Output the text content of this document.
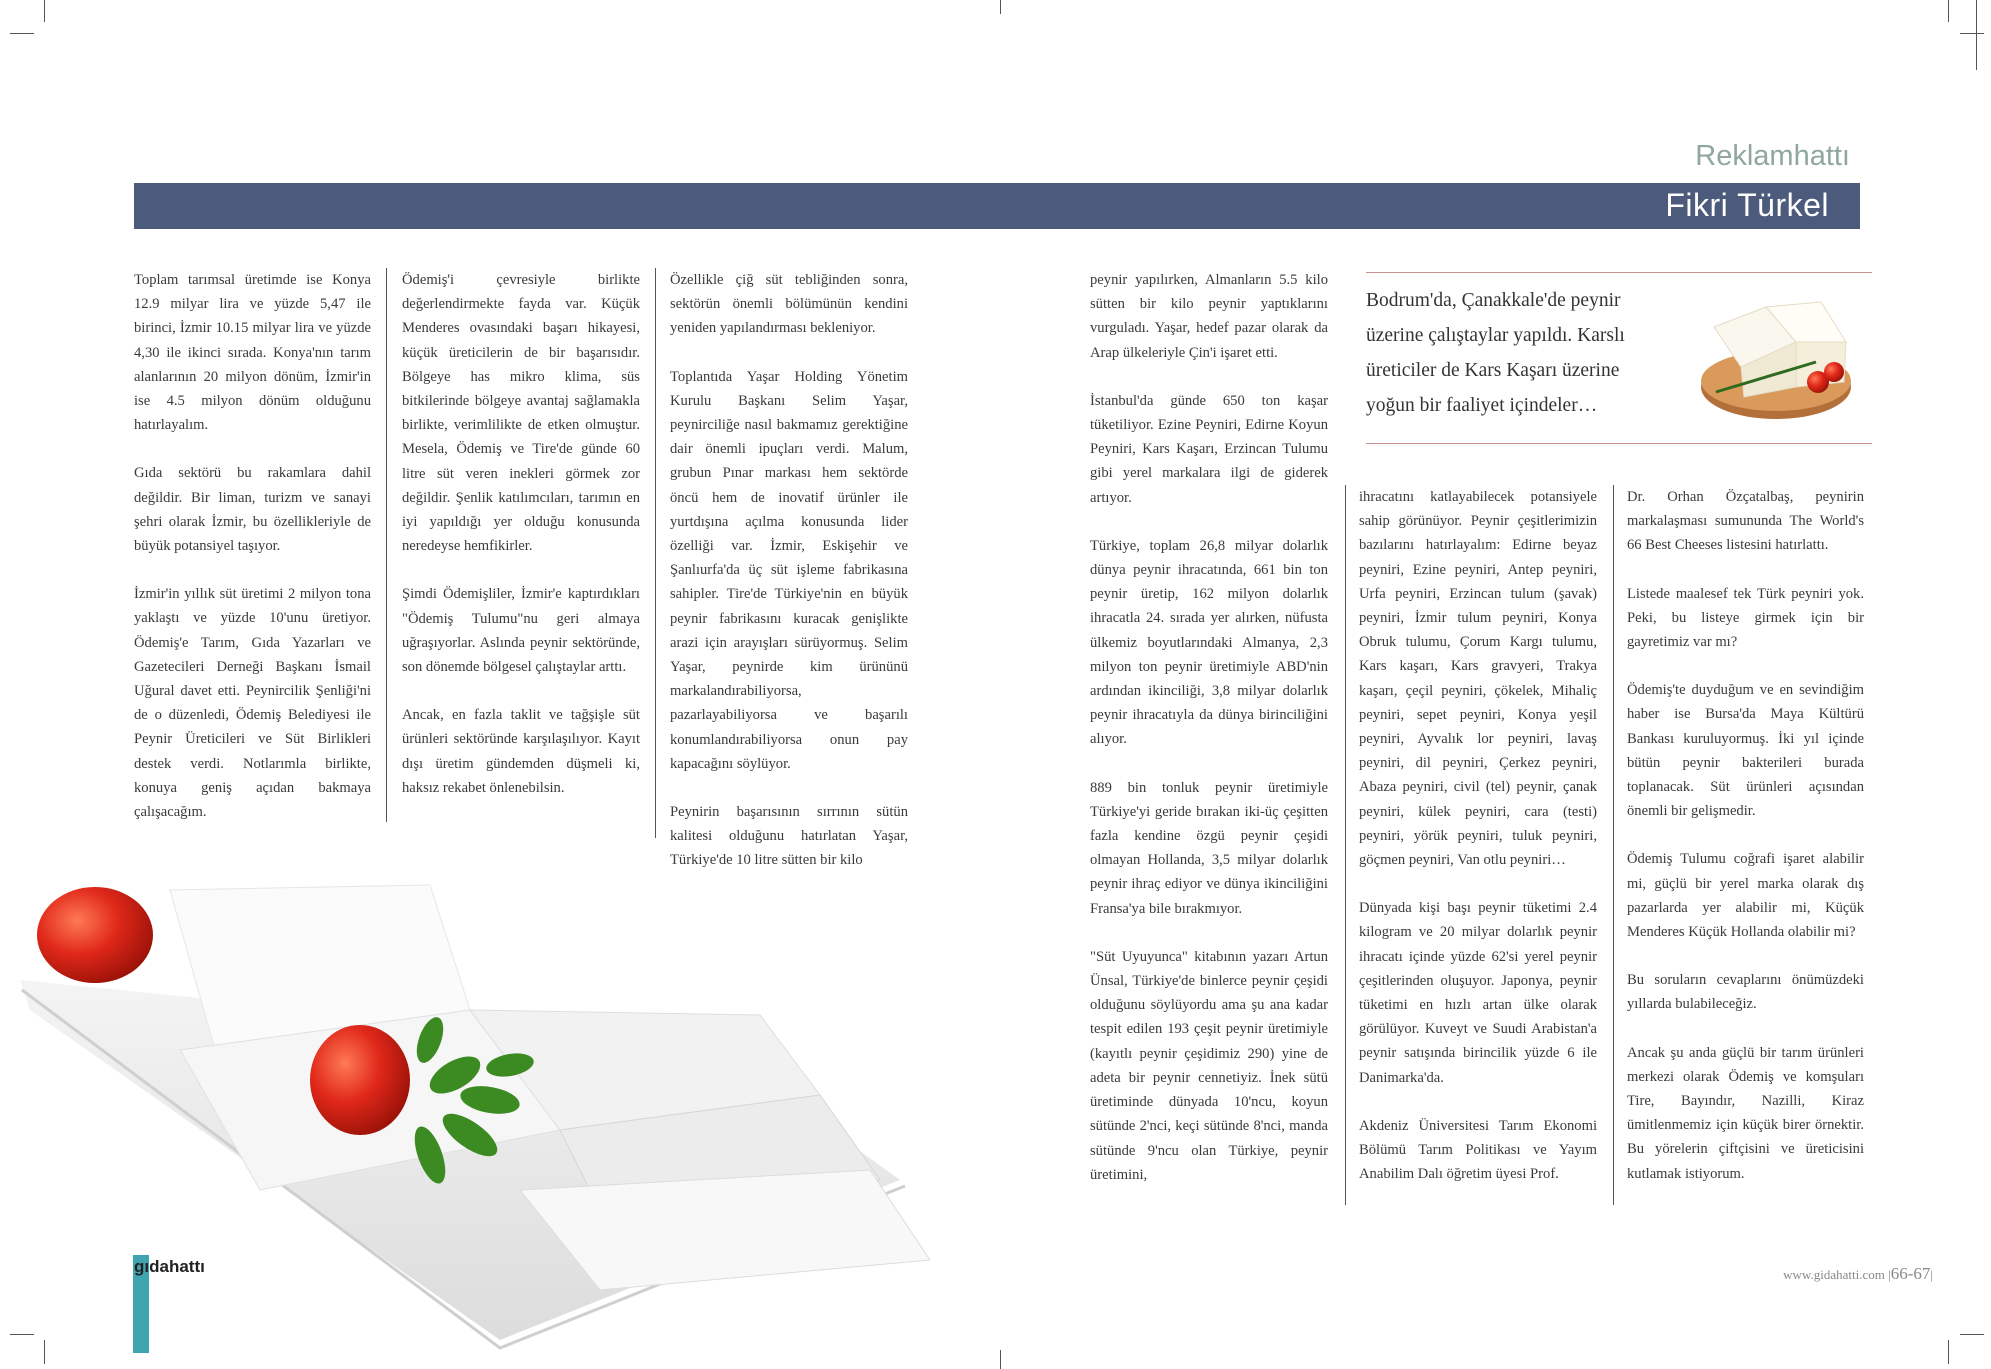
Reklamhattı
Fikri Türkel

Toplam tarımsal üretimde ise Konya 12.9 milyar lira ve yüzde 5,47 ile birinci, İzmir 10.15 milyar lira ve yüzde 4,30 ile ikinci sırada. Konya'nın tarım alanlarının 20 milyon dönüm, İzmir'in ise 4.5 milyon dönüm olduğunu hatırlayalım.

Gıda sektörü bu rakamlara dahil değildir. Bir liman, turizm ve sanayi şehri olarak İzmir, bu özellikleriyle de büyük potansiyel taşıyor.

İzmir'in yıllık süt üretimi 2 milyon tona yaklaştı ve yüzde 10'unu üretiyor. Ödemiş'e Tarım, Gıda Yazarları ve Gazetecileri Derneği Başkanı İsmail Uğural davet etti. Peynircilik Şenliği'ni de o düzenledi, Ödemiş Belediyesi ile Peynir Üreticileri ve Süt Birlikleri destek verdi. Notlarımla birlikte, konuya geniş açıdan bakmaya çalışacağım.

Ödemiş'i çevresiyle birlikte değerlendirmekte fayda var. Küçük Menderes ovasındaki başarı hikayesi, küçük üreticilerin de bir başarısıdır. Bölgeye has mikro klima, süs bitkilerinde bölgeye avantaj sağlamakla birlikte, verimlilikte de etken olmuştur. Mesela, Ödemiş ve Tire'de günde 60 litre süt veren inekleri görmek zor değildir. Şenlik katılımcıları, tarımın en iyi yapıldığı yer olduğu konusunda neredeyse hemfikirler.

Şimdi Ödemişliler, İzmir'e kaptırdıkları "Ödemiş Tulumu"nu geri almaya uğraşıyorlar. Aslında peynir sektöründe, son dönemde bölgesel çalıştaylar arttı.

Ancak, en fazla taklit ve tağşişle süt ürünleri sektöründe karşılaşılıyor. Kayıt dışı üretim gündemden düşmeli ki, haksız rekabet önlenebilsin.

Özellikle çiğ süt tebliğinden sonra, sektörün önemli bölümünün kendini yeniden yapılandırması bekleniyor.

Toplantıda Yaşar Holding Yönetim Kurulu Başkanı Selim Yaşar, peynirciliğe nasıl bakmamız gerektiğine dair önemli ipuçları verdi. Malum, grubun Pınar markası hem sektörde öncü hem de inovatif ürünler ile yurtdışına açılma konusunda lider özelliği var. İzmir, Eskişehir ve Şanlıurfa'da üç süt işleme fabrikasına sahipler. Tire'de Türkiye'nin en büyük peynir fabrikasını kuracak genişlikte arazi için arayışları sürüyormuş. Selim Yaşar, peynirde kim ürününü markalandırabiliyorsa, pazarlayabiliyorsa ve başarılı konumlandırabiliyorsa onun pay kapacağını söylüyor.

Peynirin başarısının sırrının sütün kalitesi olduğunu hatırlatan Yaşar, Türkiye'de 10 litre sütten bir kilo

peynir yapılırken, Almanların 5.5 kilo sütten bir kilo peynir yaptıklarını vurguladı. Yaşar, hedef pazar olarak da Arap ülkeleriyle Çin'i işaret etti.

İstanbul'da günde 650 ton kaşar tüketiliyor. Ezine Peyniri, Edirne Koyun Peyniri, Kars Kaşarı, Erzincan Tulumu gibi yerel markalara ilgi de giderek artıyor.

Türkiye, toplam 26,8 milyar dolarlık dünya peynir ihracatında, 661 bin ton peynir üretip, 162 milyon dolarlık ihracatla 24. sırada yer alırken, nüfusta ülkemiz boyutlarındaki Almanya, 2,3 milyon ton peynir üretimiyle ABD'nin ardından ikinciliği, 3,8 milyar dolarlık peynir ihracatıyla da dünya birinciliğini alıyor.

889 bin tonluk peynir üretimiyle Türkiye'yi geride bırakan iki-üç çeşitten fazla kendine özgü peynir çeşidi olmayan Hollanda, 3,5 milyar dolarlık peynir ihraç ediyor ve dünya ikinciliğini Fransa'ya bile bırakmıyor.

"Süt Uyuyunca" kitabının yazarı Artun Ünsal, Türkiye'de binlerce peynir çeşidi olduğunu söylüyordu ama şu ana kadar tespit edilen 193 çeşit peynir üretimiyle (kayıtlı peynir çeşidimiz 290) yine de adeta bir peynir cennetiyiz. İnek sütü üretiminde dünyada 10'ncu, koyun sütünde 2'nci, keçi sütünde 8'nci, manda sütünde 9'ncu olan Türkiye, peynir üretimini,

ihracatını katlayabilecek potansiyele sahip görünüyor. Peynir çeşitlerimizin bazılarını hatırlayalım: Edirne beyaz peyniri, Ezine peyniri, Antep peyniri, Urfa peyniri, Erzincan tulum (şavak) peyniri, İzmir tulum peyniri, Konya Obruk tulumu, Çorum Kargı tulumu, Kars kaşarı, Kars gravyeri, Trakya kaşarı, çeçil peyniri, çökelek, Mihaliç peyniri, sepet peyniri, Konya yeşil peyniri, Ayvalık lor peyniri, lavaş peyniri, dil peyniri, Çerkez peyniri, Abaza peyniri, civil (tel) peynir, çanak peyniri, külek peyniri, cara (testi) peyniri, yörük peyniri, tuluk peyniri, göçmen peyniri, Van otlu peyniri…

Dünyada kişi başı peynir tüketimi 2.4 kilogram ve 20 milyar dolarlık peynir ihracatı içinde yüzde 62'si yerel peynir çeşitlerinden oluşuyor. Japonya, peynir tüketimi en hızlı artan ülke olarak görülüyor. Kuveyt ve Suudi Arabistan'a peynir satışında birincilik yüzde 6 ile Danimarka'da.

Akdeniz Üniversitesi Tarım Ekonomi Bölümü Tarım Politikası ve Yayım Anabilim Dalı öğretim üyesi Prof.

Dr. Orhan Özçatalbaş, peynirin markalaşması sumununda The World's 66 Best Cheeses listesini hatırlattı.

Listede maalesef tek Türk peyniri yok. Peki, bu listeye girmek için bir gayretimiz var mı?

Ödemiş'te duyduğum ve en sevindiğim haber ise Bursa'da Maya Kültürü Bankası kuruluyormuş. İki yıl içinde bütün peynir bakterileri burada toplanacak. Süt ürünleri açısından önemli bir gelişmedir.

Ödemiş Tulumu coğrafi işaret alabilir mi, güçlü bir yerel marka olarak dış pazarlarda yer alabilir mi, Küçük Menderes Küçük Hollanda olabilir mi?

Bu soruların cevaplarını önümüzdeki yıllarda bulabileceğiz.

Ancak şu anda güçlü bir tarım ürünleri merkezi olarak Ödemiş ve komşuları Tire, Bayındır, Nazilli, Kiraz ümitlenmemiz için küçük birer örnektir. Bu yörelerin çiftçisini ve üreticisini kutlamak istiyorum.

Bodrum'da, Çanakkale'de peynir üzerine çalıştaylar yapıldı. Karslı üreticiler de Kars Kaşarı üzerine yoğun bir faaliyet içindeler…
gıdahattı	www.gidahatti.com |66-67|
